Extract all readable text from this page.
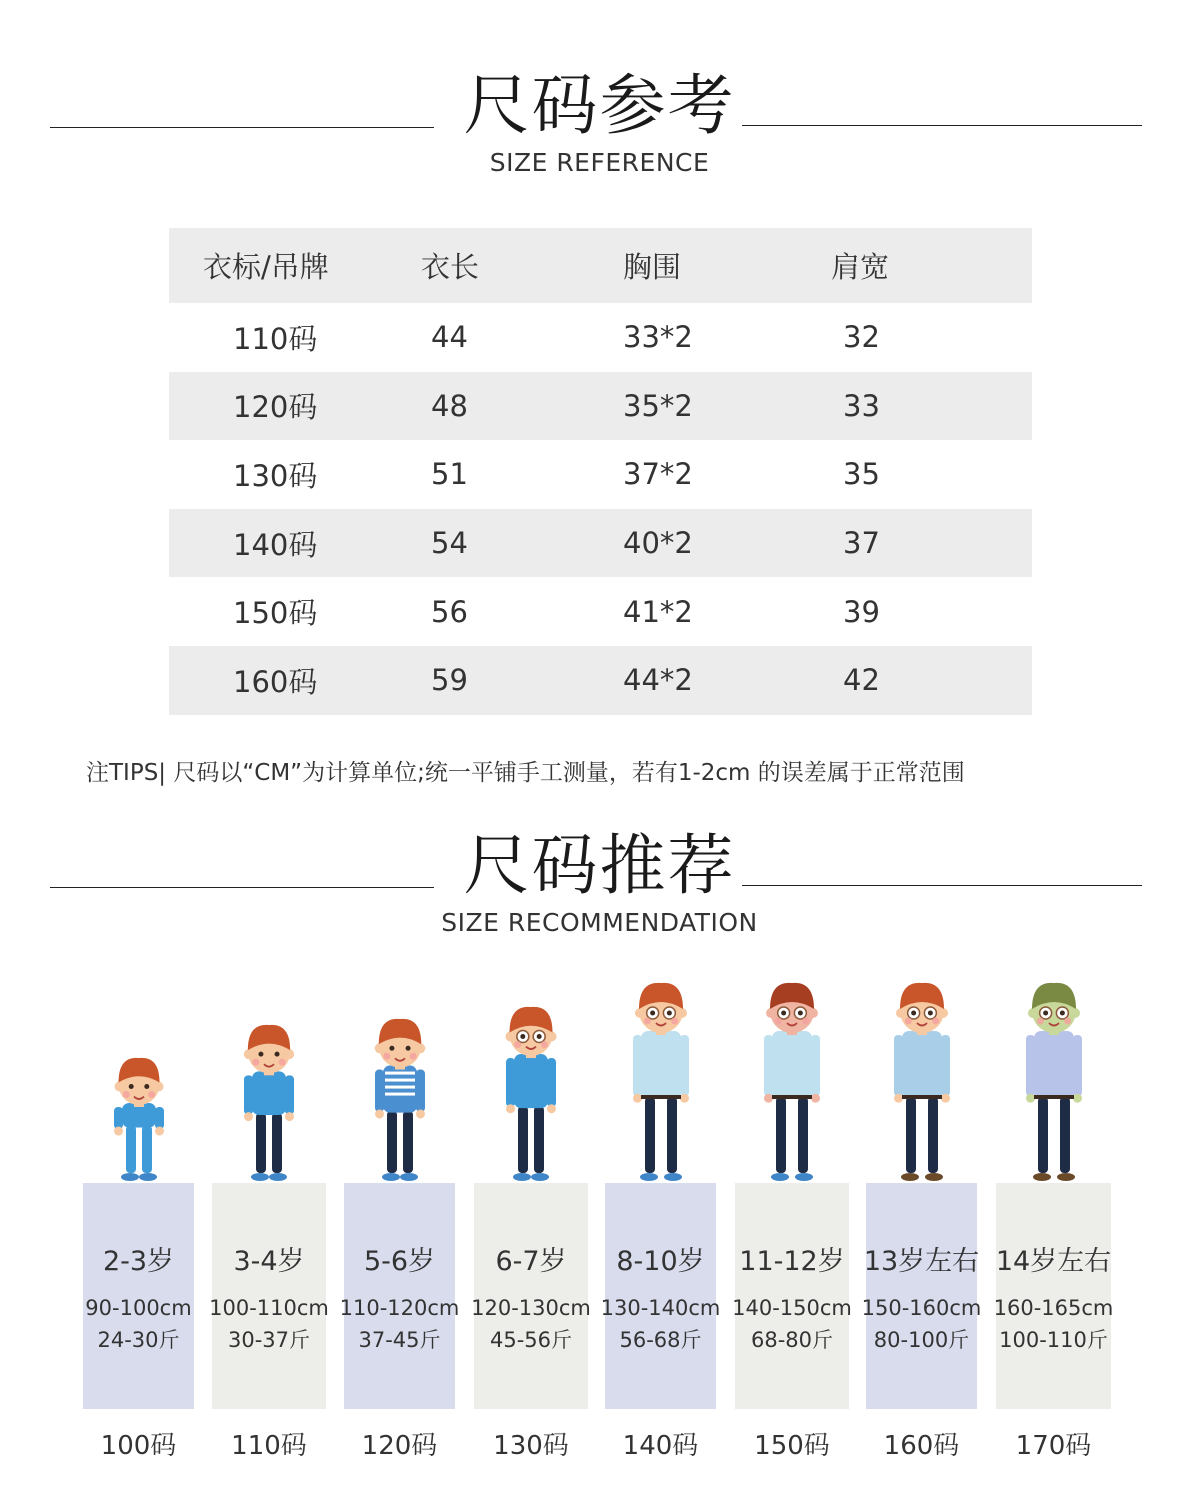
尺码参考
SIZE REFERENCE
衣标/吊牌	衣长	胸围	肩宽
110码	44	33*2	32
120码	48	35*2	33
130码	51	37*2	35
140码	54	40*2	37
150码	56	41*2	39
160码	59	44*2	42
注TIPS| 尺码以“CM”为计算单位;统一平铺手工测量，若有1-2cm 的误差属于正常范围
尺码推荐
SIZE RECOMMENDATION
2-3岁
90-100cm
24-30斤
100码
3-4岁
100-110cm
30-37斤
110码
5-6岁
110-120cm
37-45斤
120码
6-7岁
120-130cm
45-56斤
130码
8-10岁
130-140cm
56-68斤
140码
11-12岁
140-150cm
68-80斤
150码
13岁左右
150-160cm
80-100斤
160码
14岁左右
160-165cm
100-110斤
170码
